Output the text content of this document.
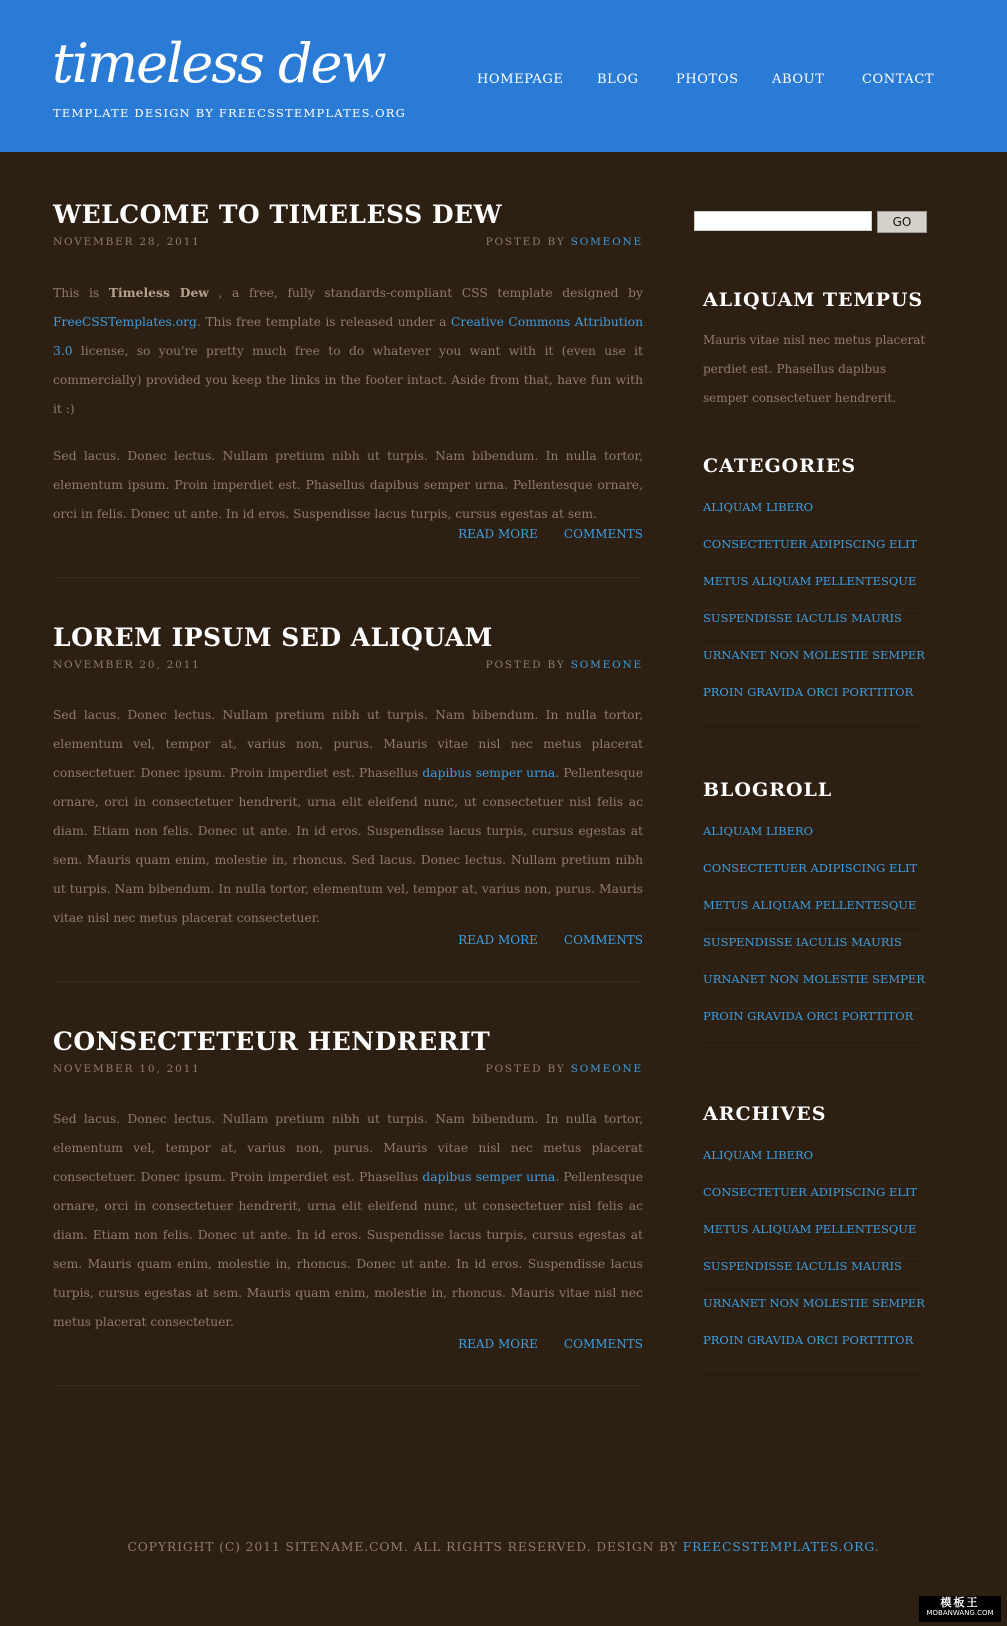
timeless dew
TEMPLATE DESIGN BY FREECSSTEMPLATES.ORG
HOMEPAGE	BLOG	PHOTOS	ABOUT	CONTACT
WELCOME TO TIMELESS DEW
NOVEMBER 28, 2011	POSTED BY SOMEONE

This is Timeless Dew , a free, fully standards-compliant CSS template designed by FreeCSSTemplates.org. This free template is released under a Creative Commons Attribution 3.0 license, so you're pretty much free to do whatever you want with it (even use it commercially) provided you keep the links in the footer intact. Aside from that, have fun with it :)

Sed lacus. Donec lectus. Nullam pretium nibh ut turpis. Nam bibendum. In nulla tortor, elementum ipsum. Proin imperdiet est. Phasellus dapibus semper urna. Pellentesque ornare, orci in felis. Donec ut ante. In id eros. Suspendisse lacus turpis, cursus egestas at sem.

READ MORE COMMENTS
LOREM IPSUM SED ALIQUAM
NOVEMBER 20, 2011	POSTED BY SOMEONE

Sed lacus. Donec lectus. Nullam pretium nibh ut turpis. Nam bibendum. In nulla tortor, elementum vel, tempor at, varius non, purus. Mauris vitae nisl nec metus placerat consectetuer. Donec ipsum. Proin imperdiet est. Phasellus dapibus semper urna. Pellentesque ornare, orci in consectetuer hendrerit, urna elit eleifend nunc, ut consectetuer nisl felis ac diam. Etiam non felis. Donec ut ante. In id eros. Suspendisse lacus turpis, cursus egestas at sem. Mauris quam enim, molestie in, rhoncus. Sed lacus. Donec lectus. Nullam pretium nibh ut turpis. Nam bibendum. In nulla tortor, elementum vel, tempor at, varius non, purus. Mauris vitae nisl nec metus placerat consectetuer.

READ MORE COMMENTS
CONSECTETEUR HENDRERIT
NOVEMBER 10, 2011	POSTED BY SOMEONE

Sed lacus. Donec lectus. Nullam pretium nibh ut turpis. Nam bibendum. In nulla tortor, elementum vel, tempor at, varius non, purus. Mauris vitae nisl nec metus placerat consectetuer. Donec ipsum. Proin imperdiet est. Phasellus dapibus semper urna. Pellentesque ornare, orci in consectetuer hendrerit, urna elit eleifend nunc, ut consectetuer nisl felis ac diam. Etiam non felis. Donec ut ante. In id eros. Suspendisse lacus turpis, cursus egestas at sem. Mauris quam enim, molestie in, rhoncus. Donec ut ante. In id eros. Suspendisse lacus turpis, cursus egestas at sem. Mauris quam enim, molestie in, rhoncus. Mauris vitae nisl nec metus placerat consectetuer.

READ MORE COMMENTS
GO
ALIQUAM TEMPUS
Mauris vitae nisl nec metus placerat perdiet est. Phasellus dapibus semper consectetuer hendrerit.
CATEGORIES
ALIQUAM LIBERO
CONSECTETUER ADIPISCING ELIT
METUS ALIQUAM PELLENTESQUE
SUSPENDISSE IACULIS MAURIS
URNANET NON MOLESTIE SEMPER
PROIN GRAVIDA ORCI PORTTITOR
BLOGROLL
ALIQUAM LIBERO
CONSECTETUER ADIPISCING ELIT
METUS ALIQUAM PELLENTESQUE
SUSPENDISSE IACULIS MAURIS
URNANET NON MOLESTIE SEMPER
PROIN GRAVIDA ORCI PORTTITOR
ARCHIVES
ALIQUAM LIBERO
CONSECTETUER ADIPISCING ELIT
METUS ALIQUAM PELLENTESQUE
SUSPENDISSE IACULIS MAURIS
URNANET NON MOLESTIE SEMPER
PROIN GRAVIDA ORCI PORTTITOR
COPYRIGHT (C) 2011 SITENAME.COM. ALL RIGHTS RESERVED. DESIGN BY FREECSSTEMPLATES.ORG.
模板王
MOBANWANG.COM
